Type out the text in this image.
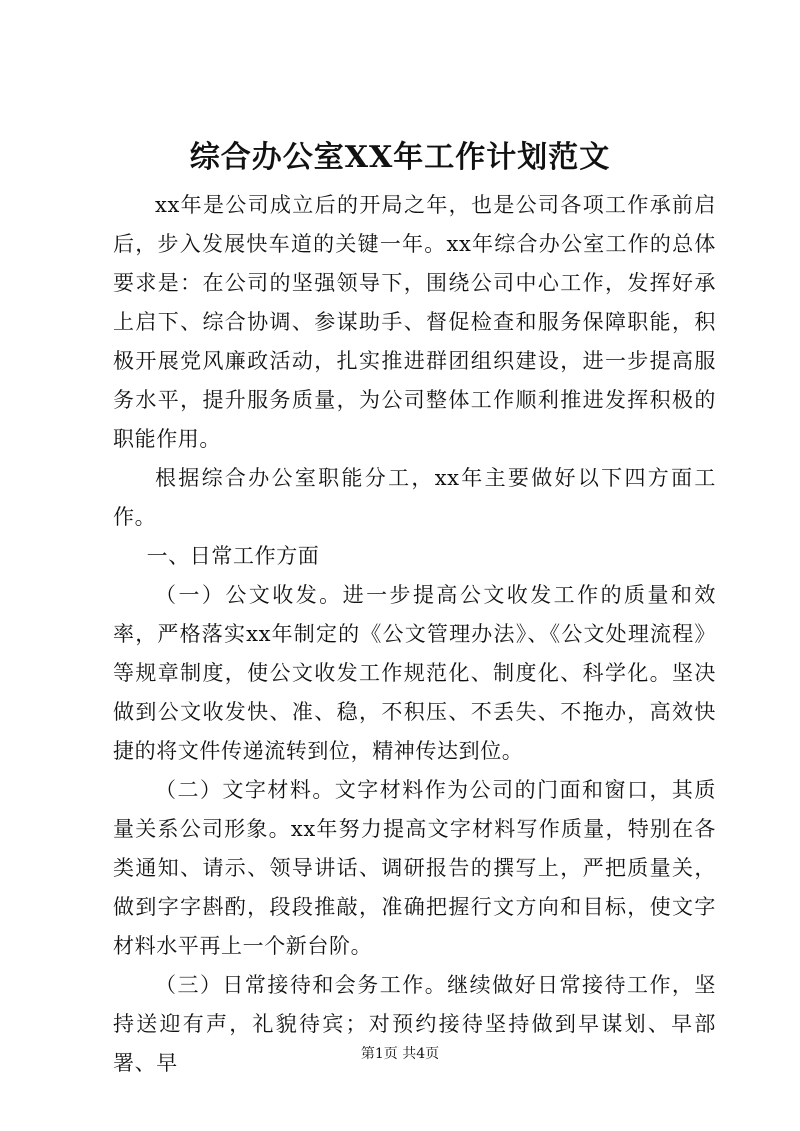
综合办公室XX年工作计划范文

xx年是公司成立后的开局之年，也是公司各项工作承前启后，步入发展快车道的关键一年。xx年综合办公室工作的总体要求是：在公司的坚强领导下，围绕公司中心工作，发挥好承上启下、综合协调、参谋助手、督促检查和服务保障职能，积极开展党风廉政活动，扎实推进群团组织建设，进一步提高服务水平，提升服务质量，为公司整体工作顺利推进发挥积极的职能作用。

根据综合办公室职能分工，xx年主要做好以下四方面工作。

一、日常工作方面

（一）公文收发。进一步提高公文收发工作的质量和效率，严格落实xx年制定的《公文管理办法》、《公文处理流程》等规章制度，使公文收发工作规范化、制度化、科学化。坚决做到公文收发快、准、稳，不积压、不丢失、不拖办，高效快捷的将文件传递流转到位，精神传达到位。

（二）文字材料。文字材料作为公司的门面和窗口，其质量关系公司形象。xx年努力提高文字材料写作质量，特别在各类通知、请示、领导讲话、调研报告的撰写上，严把质量关，做到字字斟酌，段段推敲，准确把握行文方向和目标，使文字材料水平再上一个新台阶。

（三）日常接待和会务工作。继续做好日常接待工作，坚持送迎有声，礼貌待宾；对预约接待坚持做到早谋划、早部署、早	第1页 共4页
